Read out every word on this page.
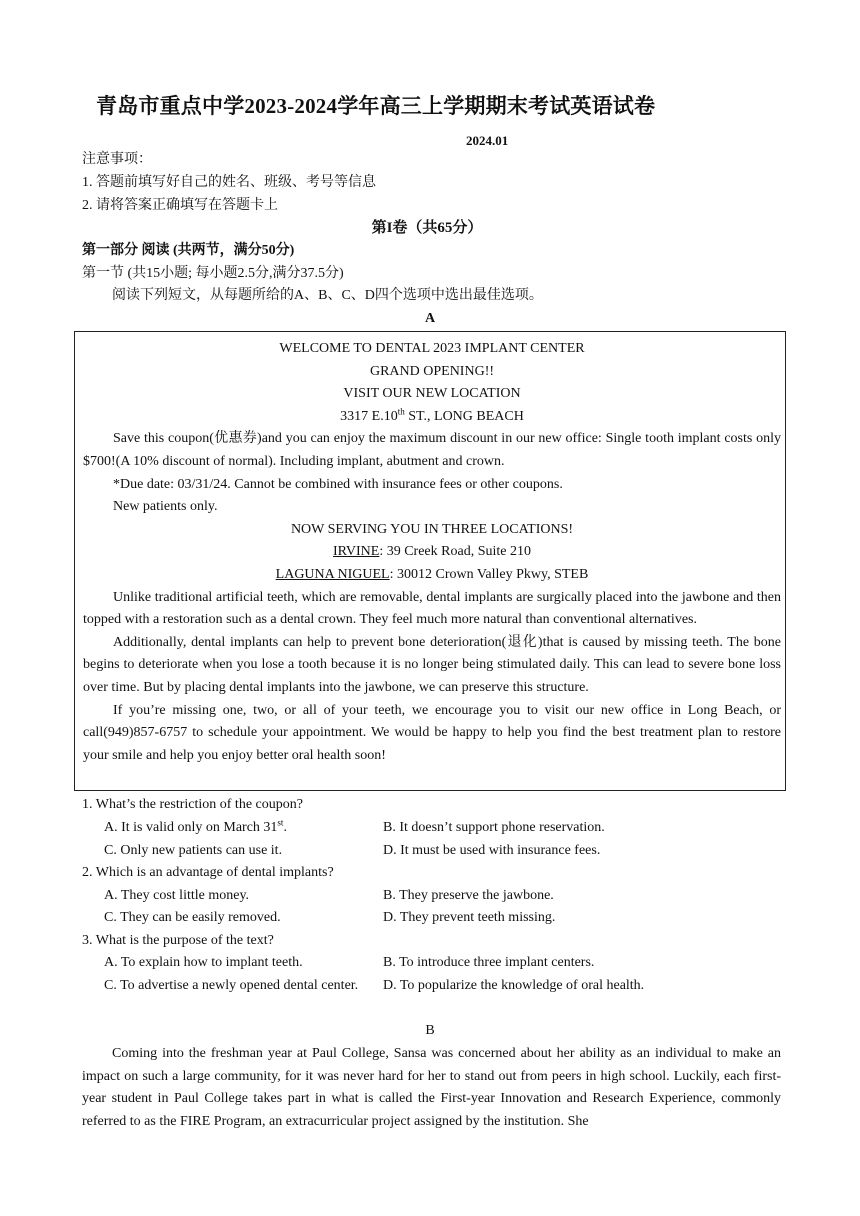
青岛市重点中学2023-2024学年高三上学期期末考试英语试卷
2024.01
注意事项：
1. 答题前填写好自己的姓名、班级、考号等信息
2. 请将答案正确填写在答题卡上
第I卷（共65分）
第一部分 阅读 (共两节，满分50分)
第一节 (共15小题; 每小题2.5分,满分37.5分)
阅读下列短文，从每题所给的A、B、C、D四个选项中选出最佳选项。
A
WELCOME TO DENTAL 2023 IMPLANT CENTER
GRAND OPENING!!
VISIT OUR NEW LOCATION
3317 E.10th ST., LONG BEACH
Save this coupon(优惠券)and you can enjoy the maximum discount in our new office: Single tooth implant costs only $700!(A 10% discount of normal). Including implant, abutment and crown.
*Due date: 03/31/24. Cannot be combined with insurance fees or other coupons.
New patients only.
NOW SERVING YOU IN THREE LOCATIONS!
IRVINE: 39 Creek Road, Suite 210
LAGUNA NIGUEL: 30012 Crown Valley Pkwy, STEB
Unlike traditional artificial teeth, which are removable, dental implants are surgically placed into the jawbone and then topped with a restoration such as a dental crown. They feel much more natural than conventional alternatives.
Additionally, dental implants can help to prevent bone deterioration(退化)that is caused by missing teeth. The bone begins to deteriorate when you lose a tooth because it is no longer being stimulated daily. This can lead to severe bone loss over time. But by placing dental implants into the jawbone, we can preserve this structure.
If you’re missing one, two, or all of your teeth, we encourage you to visit our new office in Long Beach, or call(949)857-6757 to schedule your appointment. We would be happy to help you find the best treatment plan to restore your smile and help you enjoy better oral health soon!
1. What’s the restriction of the coupon?
A. It is valid only on March 31st.	B. It doesn’t support phone reservation.
C. Only new patients can use it.	D. It must be used with insurance fees.
2. Which is an advantage of dental implants?
A. They cost little money.	B. They preserve the jawbone.
C. They can be easily removed.	D. They prevent teeth missing.
3. What is the purpose of the text?
A. To explain how to implant teeth.	B. To introduce three implant centers.
C. To advertise a newly opened dental center. D. To popularize the knowledge of oral health.
B
Coming into the freshman year at Paul College, Sansa was concerned about her ability as an individual to make an impact on such a large community, for it was never hard for her to stand out from peers in high school. Luckily, each first-year student in Paul College takes part in what is called the First-year Innovation and Research Experience, commonly referred to as the FIRE Program, an extracurricular project assigned by the institution. She
